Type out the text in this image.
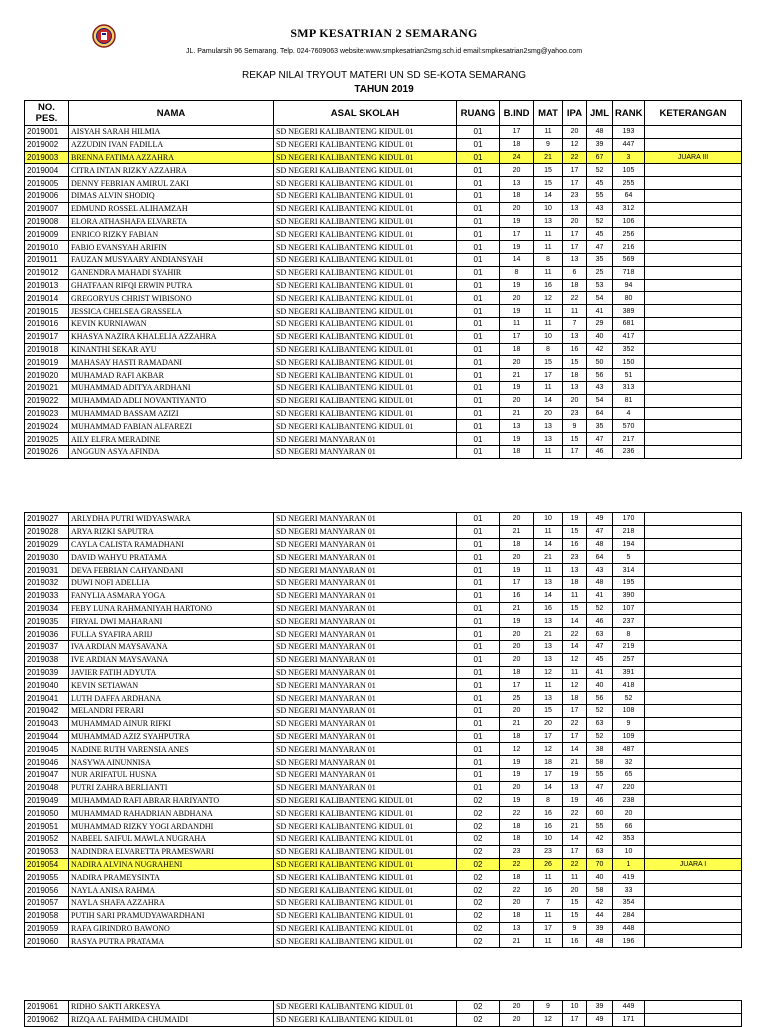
SMP KESATRIAN 2 SEMARANG
JL. Pamularsih 96 Semarang. Telp. 024-7609063 website:www.smpkesatrian2smg.sch.id email:smpkesatrian2smg@yahoo.com
REKAP NILAI TRYOUT MATERI UN SD SE-KOTA SEMARANG
TAHUN 2019
NO. PES.	NAMA	ASAL SKOLAH	RUANG	B.IND	MAT	IPA	JML	RANK	KETERANGAN
2019001	AISYAH SARAH HILMIA	SD NEGERI KALIBANTENG KIDUL 01	01	17	11	20	48	193	
2019002	AZZUDIN IVAN FADILLA	SD NEGERI KALIBANTENG KIDUL 01	01	18	9	12	39	447	
2019003	BRENNA FATIMA AZZAHRA	SD NEGERI KALIBANTENG KIDUL 01	01	24	21	22	67	3	JUARA III
2019004	CITRA INTAN RIZKY AZZAHRA	SD NEGERI KALIBANTENG KIDUL 01	01	20	15	17	52	105	
2019005	DENNY FEBRIAN AMIRUL ZAKI	SD NEGERI KALIBANTENG KIDUL 01	01	13	15	17	45	255	
2019006	DIMAS ALVIN SHODIQ	SD NEGERI KALIBANTENG KIDUL 01	01	18	14	23	55	64	
2019007	EDMUND ROSSEL ALIHAMZAH	SD NEGERI KALIBANTENG KIDUL 01	01	20	10	13	43	312	
2019008	ELORA ATHASHAFA ELVARETA	SD NEGERI KALIBANTENG KIDUL 01	01	19	13	20	52	106	
2019009	ENRICO RIZKY FABIAN	SD NEGERI KALIBANTENG KIDUL 01	01	17	11	17	45	256	
2019010	FABIO EVANSYAH ARIFIN	SD NEGERI KALIBANTENG KIDUL 01	01	19	11	17	47	216	
2019011	FAUZAN MUSYAARY ANDIANSYAH	SD NEGERI KALIBANTENG KIDUL 01	01	14	8	13	35	569	
2019012	GANENDRA MAHADI SYAHIR	SD NEGERI KALIBANTENG KIDUL 01	01	8	11	6	25	718	
2019013	GHATFAAN RIFQI ERWIN PUTRA	SD NEGERI KALIBANTENG KIDUL 01	01	19	16	18	53	94	
2019014	GREGORYUS CHRIST WIBISONO	SD NEGERI KALIBANTENG KIDUL 01	01	20	12	22	54	80	
2019015	JESSICA CHELSEA GRASSELA	SD NEGERI KALIBANTENG KIDUL 01	01	19	11	11	41	389	
2019016	KEVIN KURNIAWAN	SD NEGERI KALIBANTENG KIDUL 01	01	11	11	7	29	681	
2019017	KHASYA NAZIRA KHALELIA AZZAHRA	SD NEGERI KALIBANTENG KIDUL 01	01	17	10	13	40	417	
2019018	KINANTHI SEKAR AYU	SD NEGERI KALIBANTENG KIDUL 01	01	18	8	16	42	352	
2019019	MAHASAY HASTI RAMADANI	SD NEGERI KALIBANTENG KIDUL 01	01	20	15	15	50	150	
2019020	MUHAMAD RAFI AKBAR	SD NEGERI KALIBANTENG KIDUL 01	01	21	17	18	56	51	
2019021	MUHAMMAD ADITYA ARDHANI	SD NEGERI KALIBANTENG KIDUL 01	01	19	11	13	43	313	
2019022	MUHAMMAD ADLI NOVANTIYANTO	SD NEGERI KALIBANTENG KIDUL 01	01	20	14	20	54	81	
2019023	MUHAMMAD BASSAM AZIZI	SD NEGERI KALIBANTENG KIDUL 01	01	21	20	23	64	4	
2019024	MUHAMMAD FABIAN ALFAREZI	SD NEGERI KALIBANTENG KIDUL 01	01	13	13	9	35	570	
2019025	AILY ELFRA MERADINE	SD NEGERI MANYARAN 01	01	19	13	15	47	217	
2019026	ANGGUN ASYA AFINDA	SD NEGERI MANYARAN 01	01	18	11	17	46	236	
2019027	ARLYDHA PUTRI WIDYASWARA	SD NEGERI MANYARAN 01	01	20	10	19	49	170	
2019028	ARYA RIZKI SAPUTRA	SD NEGERI MANYARAN 01	01	21	11	15	47	218	
2019029	CAYLA CALISTA RAMADHANI	SD NEGERI MANYARAN 01	01	18	14	16	48	194	
2019030	DAVID WAHYU PRATAMA	SD NEGERI MANYARAN 01	01	20	21	23	64	5	
2019031	DEVA FEBRIAN CAHYANDANI	SD NEGERI MANYARAN 01	01	19	11	13	43	314	
2019032	DUWI NOFI ADELLIA	SD NEGERI MANYARAN 01	01	17	13	18	48	195	
2019033	FANYLIA ASMARA YOGA	SD NEGERI MANYARAN 01	01	16	14	11	41	390	
2019034	FEBY LUNA RAHMANIYAH HARTONO	SD NEGERI MANYARAN 01	01	21	16	15	52	107	
2019035	FIRYAL DWI MAHARANI	SD NEGERI MANYARAN 01	01	19	13	14	46	237	
2019036	FULLA SYAFIRA ARIIJ	SD NEGERI MANYARAN 01	01	20	21	22	63	8	
2019037	IVA ARDIAN MAYSAVANA	SD NEGERI MANYARAN 01	01	20	13	14	47	219	
2019038	IVE ARDIAN MAYSAVANA	SD NEGERI MANYARAN 01	01	20	13	12	45	257	
2019039	JAVIER FATIH ADYUTA	SD NEGERI MANYARAN 01	01	18	12	11	41	391	
2019040	KEVIN SETIAWAN	SD NEGERI MANYARAN 01	01	17	11	12	40	418	
2019041	LUTH DAFFA ARDHANA	SD NEGERI MANYARAN 01	01	25	13	18	56	52	
2019042	MELANDRI FERARI	SD NEGERI MANYARAN 01	01	20	15	17	52	108	
2019043	MUHAMMAD AINUR RIFKI	SD NEGERI MANYARAN 01	01	21	20	22	63	9	
2019044	MUHAMMAD AZIZ SYAHPUTRA	SD NEGERI MANYARAN 01	01	18	17	17	52	109	
2019045	NADINE RUTH VARENSIA ANES	SD NEGERI MANYARAN 01	01	12	12	14	38	487	
2019046	NASYWA AINUNNISA	SD NEGERI MANYARAN 01	01	19	18	21	58	32	
2019047	NUR ARIFATUL HUSNA	SD NEGERI MANYARAN 01	01	19	17	19	55	65	
2019048	PUTRI ZAHRA BERLIANTI	SD NEGERI MANYARAN 01	01	20	14	13	47	220	
2019049	MUHAMMAD RAFI ABRAR HARIYANTO	SD NEGERI KALIBANTENG KIDUL 01	02	19	8	19	46	238	
2019050	MUHAMMAD RAHADRIAN ABDHANA	SD NEGERI KALIBANTENG KIDUL 01	02	22	16	22	60	20	
2019051	MUHAMMAD RIZKY YOGI ARDANDHI	SD NEGERI KALIBANTENG KIDUL 01	02	18	16	21	55	66	
2019052	NABEEL SAIFUL MAWLA NUGRAHA	SD NEGERI KALIBANTENG KIDUL 01	02	18	10	14	42	353	
2019053	NADINDRA ELVARETTA PRAMESWARI	SD NEGERI KALIBANTENG KIDUL 01	02	23	23	17	63	10	
2019054	NADIRA ALVINA NUGRAHENI	SD NEGERI KALIBANTENG KIDUL 01	02	22	26	22	70	1	JUARA I
2019055	NADIRA PRAMEYSINTA	SD NEGERI KALIBANTENG KIDUL 01	02	18	11	11	40	419	
2019056	NAYLA ANISA RAHMA	SD NEGERI KALIBANTENG KIDUL 01	02	22	16	20	58	33	
2019057	NAYLA SHAFA AZZAHRA	SD NEGERI KALIBANTENG KIDUL 01	02	20	7	15	42	354	
2019058	PUTIH SARI PRAMUDYAWARDHANI	SD NEGERI KALIBANTENG KIDUL 01	02	18	11	15	44	284	
2019059	RAFA GIRINDRO BAWONO	SD NEGERI KALIBANTENG KIDUL 01	02	13	17	9	39	448	
2019060	RASYA PUTRA PRATAMA	SD NEGERI KALIBANTENG KIDUL 01	02	21	11	16	48	196	
2019061	RIDHO SAKTI ARKESYA	SD NEGERI KALIBANTENG KIDUL 01	02	20	9	10	39	449	
2019062	RIZQA AL FAHMIDA CHUMAIDI	SD NEGERI KALIBANTENG KIDUL 01	02	20	12	17	49	171	
